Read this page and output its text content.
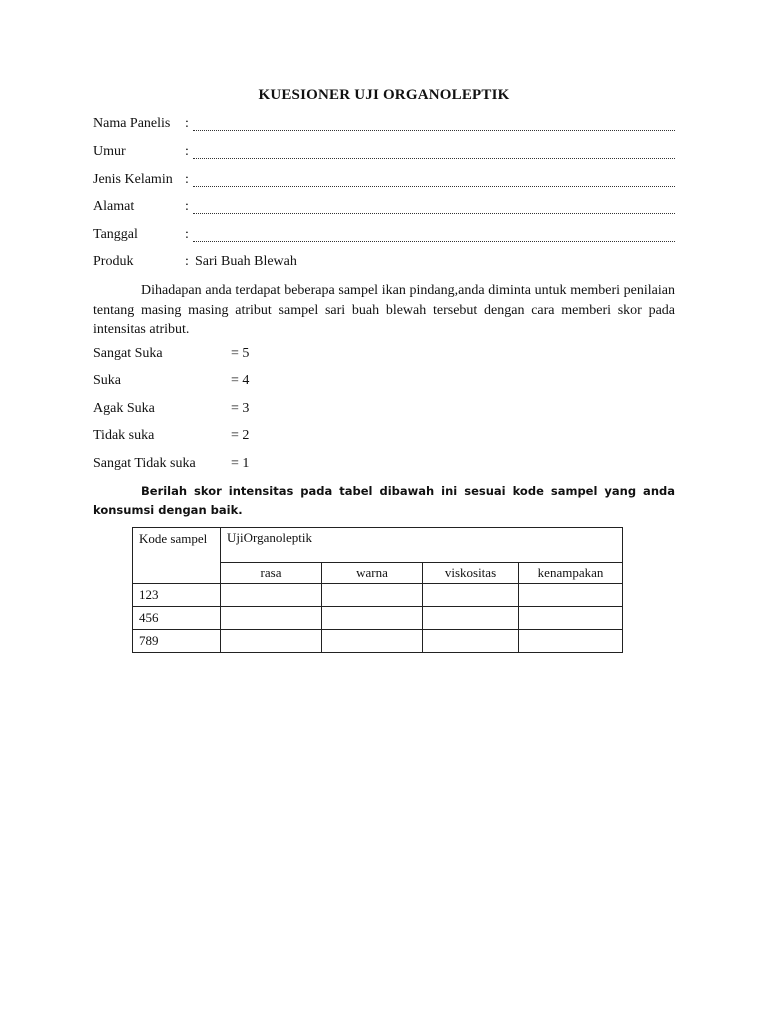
KUESIONER UJI ORGANOLEPTIK
Nama Panelis :
Umur	:
Jenis Kelamin :
Alamat	:
Tanggal	:
Produk	: Sari Buah Blewah

Dihadapan anda terdapat beberapa sampel ikan pindang,anda diminta untuk memberi penilaian tentang masing masing atribut sampel sari buah blewah tersebut dengan cara memberi skor pada intensitas atribut.

Sangat Suka	= 5
Suka	= 4
Agak Suka	= 3
Tidak suka	= 2
Sangat Tidak suka	= 1

Berilah skor intensitas pada tabel dibawah ini sesuai kode sampel yang anda konsumsi dengan baik.

Kode sampel	UjiOrganoleptik			
	rasa	warna	viskositas	kenampakan
123				
456				
789				
